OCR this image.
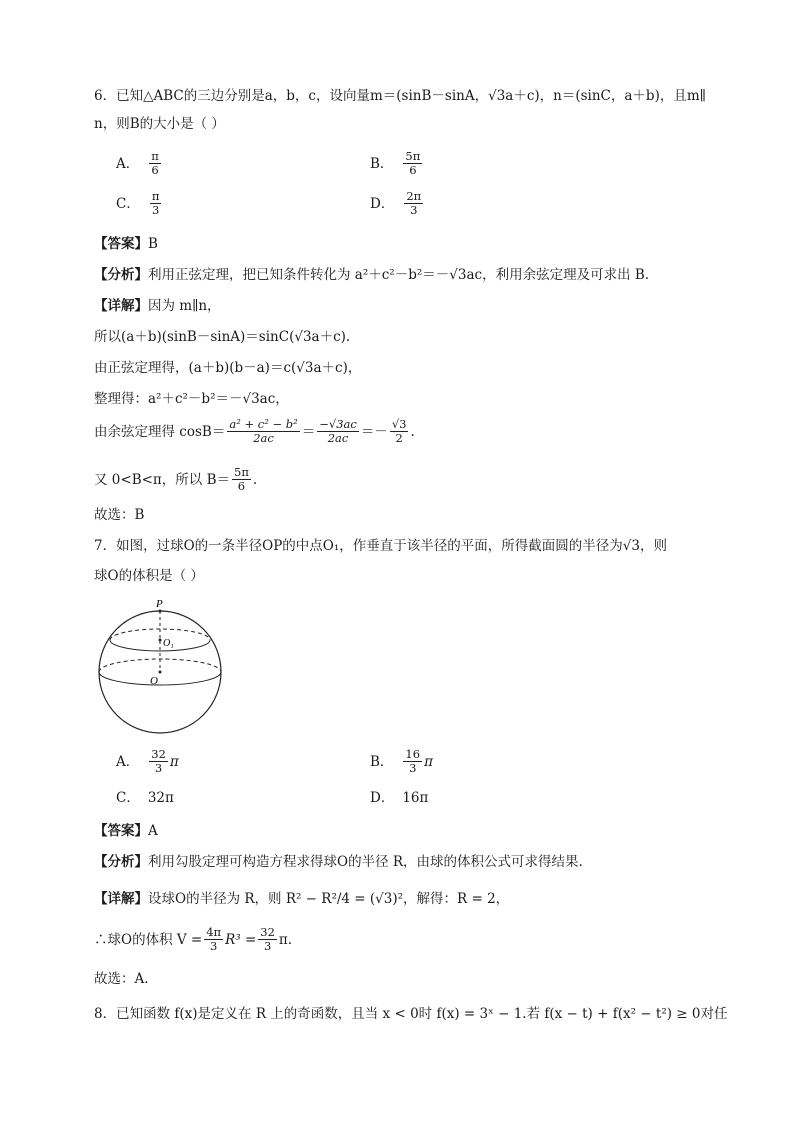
6．已知△ABC的三边分别是a，b，c，设向量m＝(sinB－sinA，√3a＋c)，n＝(sinC，a＋b)，且m∥
n，则B的大小是（ ）
A． $\frac{\pi}{6}$	B． $\frac{5\pi}{6}$
C． $\frac{\pi}{3}$	D． $\frac{2\pi}{3}$
【答案】B
【分析】利用正弦定理，把已知条件转化为 a²＋c²－b²＝－√3ac，利用余弦定理及可求出 B.
【详解】因为 m∥n，
所以(a＋b)(sinB－sinA)＝sinC(√3a＋c).
由正弦定理得，(a＋b)(b－a)＝c(√3a＋c)，
整理得：a²＋c²－b²＝－√3ac，
由余弦定理得 $\cos B= \frac{\text{a² + c² − b²}}{2ac} = \frac{-√3ac}{2ac} =- \frac{√3}{2}$ .
又 0<B<π，所以 $B= \frac{5\pi}{6}$ .
故选：B
7．如图，过球O的一条半径OP的中点O₁，作垂直于该半径的平面，所得截面圆的半径为√3，则
球O的体积是（ ）
P
O₁
O
A． $\frac{32}{3}$ π	B． $\frac{16}{3}$ π
C． 32π	D． 16π
【答案】A
【分析】利用勾股定理可构造方程求得球O的半径 R，由球的体积公式可求得结果.
【详解】设球O的半径为 R，则 R² − R²/4 = (√3)²，解得：R = 2，
∴球O的体积 $V = \frac{4\pi}{3} R^3 = \frac{32}{3} \pi$.
故选：A.
8．已知函数 f(x)是定义在 R 上的奇函数，且当 x < 0时 f(x) = 3ˣ − 1.若 f(x − t) + f(x² − t²) ≥ 0对任
